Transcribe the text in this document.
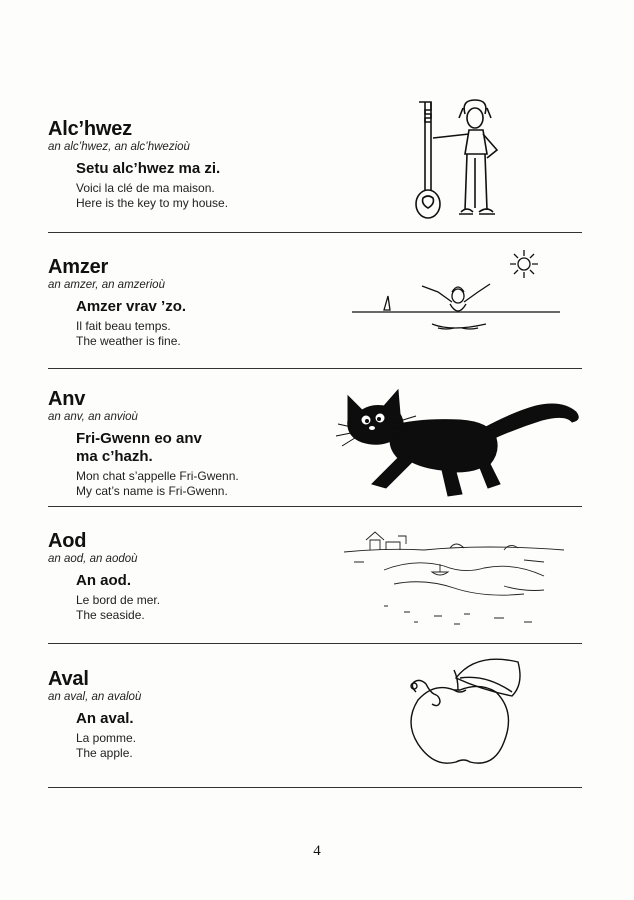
Alc’hwez
an alc’hwez, an alc’hwezioù
Setu alc’hwez ma zi.
Voici la clé de ma maison.
Here is the key to my house.
Amzer
an amzer, an amzerioù
Amzer vrav ’zo.
Il fait beau temps.
The weather is fine.
Anv
an anv, an anvioù
Fri-Gwenn eo anv
ma c’hazh.
Mon chat s’appelle Fri-Gwenn.
My cat’s name is Fri-Gwenn.
Aod
an aod, an aodoù
An aod.
Le bord de mer.
The seaside.
Aval
an aval, an avaloù
An aval.
La pomme.
The apple.
4
